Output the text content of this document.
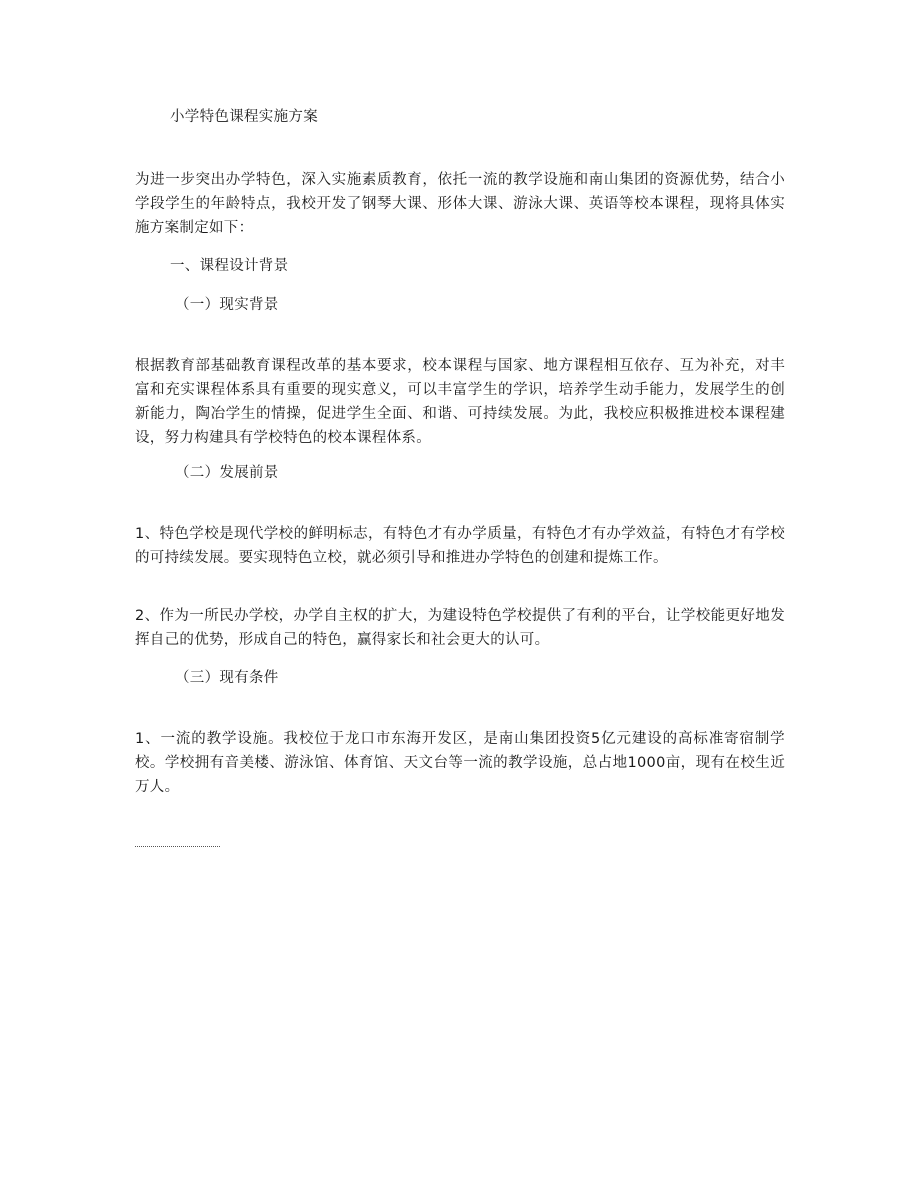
小学特色课程实施方案

为进一步突出办学特色，深入实施素质教育，依托一流的教学设施和南山集团的资源优势，结合小学段学生的年龄特点，我校开发了钢琴大课、形体大课、游泳大课、英语等校本课程，现将具体实施方案制定如下：

一、课程设计背景

（一）现实背景

根据教育部基础教育课程改革的基本要求，校本课程与国家、地方课程相互依存、互为补充，对丰富和充实课程体系具有重要的现实意义，可以丰富学生的学识，培养学生动手能力，发展学生的创新能力，陶冶学生的情操，促进学生全面、和谐、可持续发展。为此，我校应积极推进校本课程建设，努力构建具有学校特色的校本课程体系。

（二）发展前景

1、特色学校是现代学校的鲜明标志，有特色才有办学质量，有特色才有办学效益，有特色才有学校的可持续发展。要实现特色立校，就必须引导和推进办学特色的创建和提炼工作。

2、作为一所民办学校，办学自主权的扩大，为建设特色学校提供了有利的平台，让学校能更好地发挥自己的优势，形成自己的特色，赢得家长和社会更大的认可。

（三）现有条件

1、一流的教学设施。我校位于龙口市东海开发区，是南山集团投资5亿元建设的高标准寄宿制学校。学校拥有音美楼、游泳馆、体育馆、天文台等一流的教学设施，总占地1000亩，现有在校生近万人。
